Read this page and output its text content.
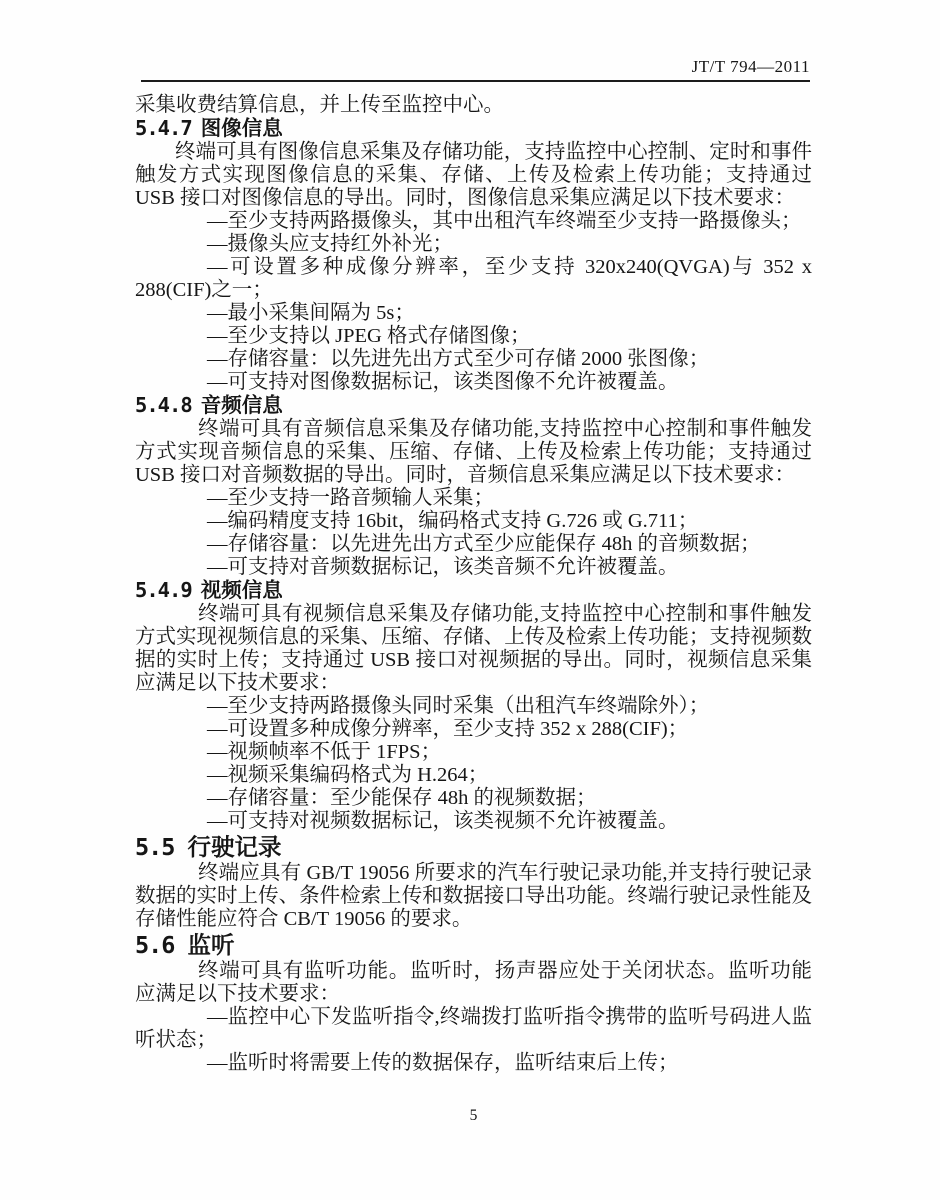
JT/T 794—2011

采集收费结算信息，并上传至监控中心。

5.4.7 图像信息

终端可具有图像信息采集及存储功能，支持监控中心控制、定时和事件触发方式实现图像信息的采集、存储、上传及检索上传功能；支持通过 USB 接口对图像信息的导出。同时，图像信息采集应满足以下技术要求：

—至少支持两路摄像头，其中出租汽车终端至少支持一路摄像头；

—摄像头应支持红外补光；

—可设置多种成像分辨率，至少支持 320x240(QVGA)与 352 x 288(CIF)之一；

—最小采集间隔为 5s；

—至少支持以 JPEG 格式存储图像；

—存储容量：以先进先出方式至少可存储 2000 张图像；

—可支持对图像数据标记，该类图像不允许被覆盖。

5.4.8 音频信息

终端可具有音频信息采集及存储功能,支持监控中心控制和事件触发方式实现音频信息的采集、压缩、存储、上传及检索上传功能；支持通过 USB 接口对音频数据的导出。同时，音频信息采集应满足以下技术要求：

—至少支持一路音频输人采集；

—编码精度支持 16bit，编码格式支持 G.726 或 G.711；

—存储容量：以先进先出方式至少应能保存 48h 的音频数据；

—可支持对音频数据标记，该类音频不允许被覆盖。

5.4.9 视频信息

终端可具有视频信息采集及存储功能,支持监控中心控制和事件触发方式实现视频信息的采集、压缩、存储、上传及检索上传功能；支持视频数据的实时上传；支持通过 USB 接口对视频据的导出。同时，视频信息采集应满足以下技术要求：

—至少支持两路摄像头同时采集（出租汽车终端除外）；

—可设置多种成像分辨率，至少支持 352 x 288(CIF)；

—视频帧率不低于 1FPS；

—视频采集编码格式为 H.264；

—存储容量：至少能保存 48h 的视频数据；

—可支持对视频数据标记，该类视频不允许被覆盖。

5.5 行驶记录

终端应具有 GB/T 19056 所要求的汽车行驶记录功能,并支持行驶记录数据的实时上传、条件检索上传和数据接口导出功能。终端行驶记录性能及存储性能应符合 CB/T 19056 的要求。

5.6 监听

终端可具有监听功能。监听时，扬声器应处于关闭状态。监听功能应满足以下技术要求：

—监控中心下发监听指令,终端拨打监听指令携带的监听号码进人监听状态；

—监听时将需要上传的数据保存，监听结束后上传；

5
